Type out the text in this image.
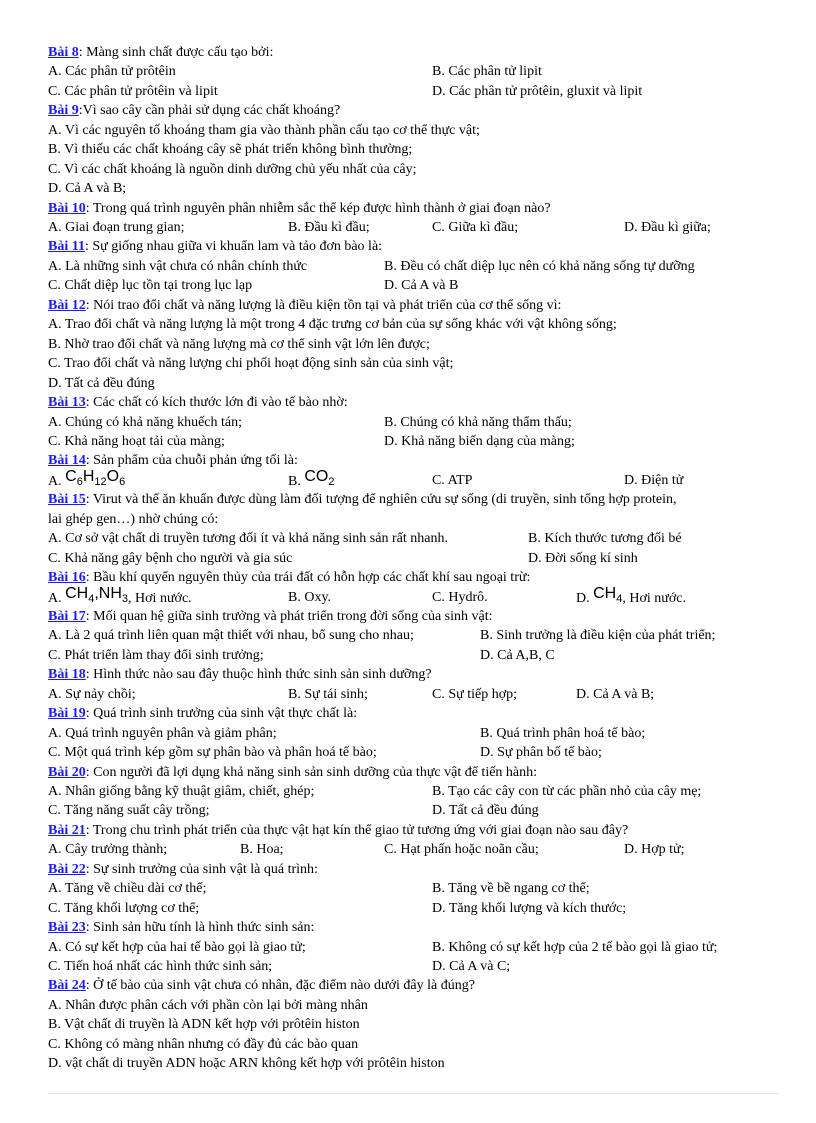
Bài 8: Màng sinh chất được cấu tạo bởi:
A. Các phân tử prôtêin	B. Các phân tử lipit
C. Các phân tử prôtêin và lipit	D. Các phân tử prôtêin, gluxit và lipit
Bài 9:Vì sao cây cần phải sử dụng các chất khoáng?
A. Vì các nguyên tố khoáng tham gia vào thành phần cấu tạo cơ thể thực vật;
B. Vì thiếu các chất khoáng cây sẽ phát triển không bình thường;
C. Vì các chất khoáng là nguồn dinh dưỡng chủ yếu nhất của cây;
D. Cả A và B;
Bài 10: Trong quá trình nguyên phân nhiễm sắc thể kép được hình thành ở giai đoạn nào?
A. Giai đoạn trung gian;	B. Đầu kì đầu;	C. Giữa kì đầu;	D. Đầu kì giữa;
Bài 11: Sự giống nhau giữa vi khuẩn lam và tảo đơn bào là:
A. Là những sinh vật chưa có nhân chính thức	B. Đều có chất diệp lục nên có khả năng sống tự dưỡng
C. Chất diệp lục tồn tại trong lục lạp	D. Cả A và B
Bài 12: Nói trao đổi chất và năng lượng là điều kiện tồn tại và phát triển của cơ thể sống vì:
A. Trao đổi chất và năng lượng là một trong 4 đặc trưng cơ bản của sự sống khác với vật không sống;
B. Nhờ trao đổi chất và năng lượng mà cơ thể sinh vật lớn lên được;
C. Trao đổi chất và năng lượng chi phối hoạt động sinh sản của sinh vật;
D. Tất cả đều đúng
Bài 13: Các chất có kích thước lớn đi vào tế bào nhờ:
A. Chúng có khả năng khuếch tán;	B. Chúng có khả năng thẩm thấu;
C. Khả năng hoạt tải của màng;	D. Khả năng biến dạng của màng;
Bài 14: Sản phẩm của chuỗi phản ứng tối là:
A. $C_6H_{12}O_6$	B. $CO_2$	C. ATP	D. Điện tử
Bài 15: Virut và thể ăn khuẩn được dùng làm đối tượng để nghiên cứu sự sống (di truyền, sinh tổng hợp protein,
lai ghép gen…) nhờ chúng có:
A. Cơ sở vật chất di truyền tương đối ít và khả năng sinh sản rất nhanh.	B. Kích thước tương đối bé
C. Khả năng gây bệnh cho người và gia súc	D. Đời sống kí sinh
Bài 16: Bầu khí quyển nguyên thủy của trái đất có hỗn hợp các chất khí sau ngoại trừ:
A. $CH_4,NH_3$, Hơi nước.	B. Oxy.	C. Hydrô.	D. $CH_4$, Hơi nước.
Bài 17: Mối quan hệ giữa sinh trưởng và phát triển trong đời sống của sinh vật:
A. Là 2 quá trình liên quan mật thiết với nhau, bổ sung cho nhau;	B. Sinh trưởng là điều kiện của phát triển;
C. Phát triển làm thay đổi sinh trưởng;	D. Cả A,B, C
Bài 18: Hình thức nào sau đây thuộc hình thức sinh sản sinh dưỡng?
A. Sự nảy chồi;	B. Sự tái sinh;	C. Sự tiếp hợp;	D. Cả A và B;
Bài 19: Quá trình sinh trưởng của sinh vật thực chất là:
A. Quá trình nguyên phân và giảm phân;	B. Quá trình phân hoá tế bào;
C. Một quá trình kép gồm sự phân bào và phân hoá tế bào;	D. Sự phân bố tế bào;
Bài 20: Con người đã lợi dụng khả năng sinh sản sinh dưỡng của thực vật để tiến hành:
A. Nhân giống bằng kỹ thuật giâm, chiết, ghép;	B. Tạo các cây con từ các phần nhỏ của cây mẹ;
C. Tăng năng suất cây trồng;	D. Tất cả đều đúng
Bài 21: Trong chu trình phát triển của thực vật hạt kín thể giao tử tương ứng với giai đoạn nào sau đây?
A. Cây trưởng thành;	B. Hoa;	C. Hạt phấn hoặc noãn cầu;	D. Hợp tử;
Bài 22: Sự sinh trưởng của sinh vật là quá trình:
A. Tăng về chiều dài cơ thể;	B. Tăng về bề ngang cơ thể;
C. Tăng khối lượng cơ thể;	D. Tăng khối lượng và kích thước;
Bài 23: Sinh sản hữu tính là hình thức sinh sản:
A. Có sự kết hợp của hai tế bào gọi là giao tử;	B. Không có sự kết hợp của 2 tế bào gọi là giao tử;
C. Tiến hoá nhất các hình thức sinh sản;	D. Cả A và C;
Bài 24: Ở tế bào của sinh vật chưa có nhân, đặc điểm nào dưới đây là đúng?
A. Nhân được phân cách với phần còn lại bởi màng nhân
B. Vật chất di truyền là ADN kết hợp với prôtêin histon
C. Không có màng nhân nhưng có đầy đủ các bào quan
D. vật chất di truyền ADN hoặc ARN không kết hợp với prôtêin histon
